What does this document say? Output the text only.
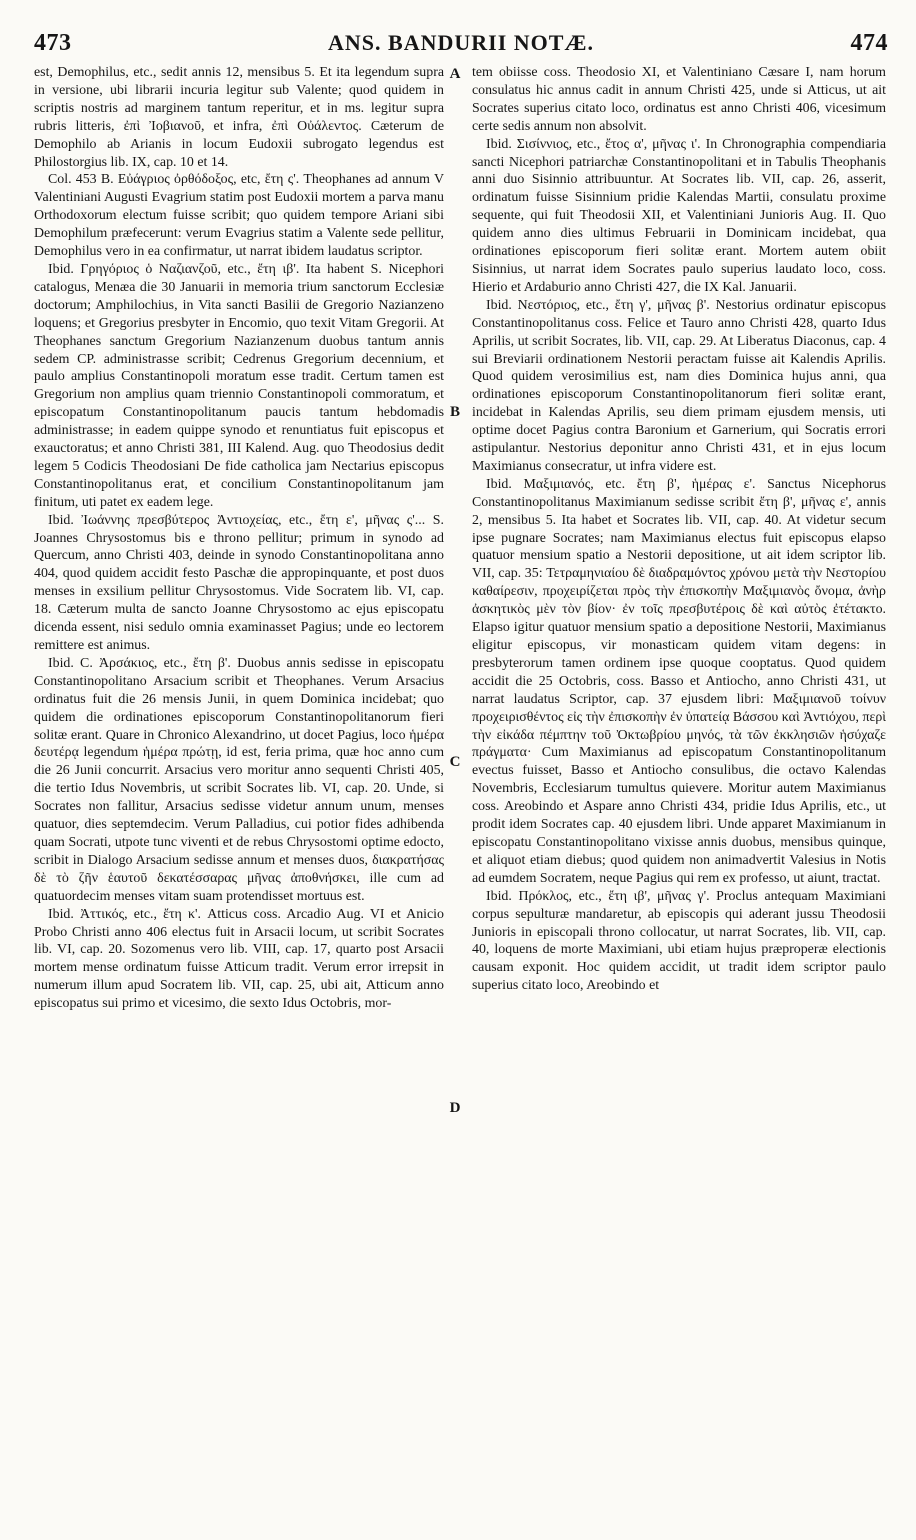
473	ANS. BANDURII NOTÆ.	474

est, Demophilus, etc., sedit annis 12, mensibus 5. Et ita legendum supra in versione, ubi librarii incuria legitur sub Valente; quod quidem in scriptis nostris ad marginem tantum reperitur, et in ms. legitur supra rubris litteris, ἐπὶ Ἰοβιανοῦ, et infra, ἐπὶ Οὐάλεντος. Cæterum de Demophilo ab Arianis in locum Eudoxii subrogato legendus est Philostorgius lib. IX, cap. 10 et 14.

Col. 453 B. Εὐάγριος ὀρθόδοξος, etc, ἔτη ς'. Theophanes ad annum V Valentiniani Augusti Evagrium statim post Eudoxii mortem a parva manu Orthodoxorum electum fuisse scribit; quo quidem tempore Ariani sibi Demophilum præfecerunt: verum Evagrius statim a Valente sede pellitur, Demophilus vero in ea confirmatur, ut narrat ibidem laudatus scriptor.

Ibid. Γρηγόριος ὁ Ναζιανζοῦ, etc., ἔτη ιβ'. Ita habent S. Nicephori catalogus, Menæa die 30 Januarii in memoria trium sanctorum Ecclesiæ doctorum; Amphilochius, in Vita sancti Basilii de Gregorio Nazianzeno loquens; et Gregorius presbyter in Encomio, quo texit Vitam Gregorii. At Theophanes sanctum Gregorium Nazianzenum duobus tantum annis sedem CP. administrasse scribit; Cedrenus Gregorium decennium, et paulo amplius Constantinopoli moratum esse tradit. Certum tamen est Gregorium non amplius quam triennio Constantinopoli commoratum, et episcopatum Constantinopolitanum paucis tantum hebdomadis administrasse; in eadem quippe synodo et renuntiatus fuit episcopus et exauctoratus; et anno Christi 381, III Kalend. Aug. quo Theodosius dedit legem 5 Codicis Theodosiani De fide catholica jam Nectarius episcopus Constantinopolitanus erat, et concilium Constantinopolitanum jam finitum, uti patet ex eadem lege.

Ibid. Ἰωάννης πρεσβύτερος Ἀντιοχείας, etc., ἔτη ε', μῆνας ς'... S. Joannes Chrysostomus bis e throno pellitur; primum in synodo ad Quercum, anno Christi 403, deinde in synodo Constantinopolitana anno 404, quod quidem accidit festo Paschæ die appropinquante, et post duos menses in exsilium pellitur Chrysostomus. Vide Socratem lib. VI, cap. 18. Cæterum multa de sancto Joanne Chrysostomo ac ejus episcopatu dicenda essent, nisi sedulo omnia examinasset Pagius; unde eo lectorem remittere est animus.

Ibid. C. Ἀρσάκιος, etc., ἔτη β'. Duobus annis sedisse in episcopatu Constantinopolitano Arsacium scribit et Theophanes. Verum Arsacius ordinatus fuit die 26 mensis Junii, in quem Dominica incidebat; quo quidem die ordinationes episcoporum Constantinopolitanorum fieri solitæ erant. Quare in Chronico Alexandrino, ut docet Pagius, loco ἡμέρα δευτέρᾳ legendum ἡμέρα πρώτῃ, id est, feria prima, quæ hoc anno cum die 26 Junii concurrit. Arsacius vero moritur anno sequenti Christi 405, die tertio Idus Novembris, ut scribit Socrates lib. VI, cap. 20. Unde, si Socrates non fallitur, Arsacius sedisse videtur annum unum, menses quatuor, dies septemdecim. Verum Palladius, cui potior fides adhibenda quam Socrati, utpote tunc viventi et de rebus Chrysostomi optime edocto, scribit in Dialogo Arsacium sedisse annum et menses duos, διακρατήσας δὲ τὸ ζῆν ἑαυτοῦ δεκατέσσαρας μῆνας ἀποθνήσκει, ille cum ad quatuordecim menses vitam suam protendisset mortuus est.

Ibid. Ἀττικός, etc., ἔτη κ'. Atticus coss. Arcadio Aug. VI et Anicio Probo Christi anno 406 electus fuit in Arsacii locum, ut scribit Socrates lib. VI, cap. 20. Sozomenus vero lib. VIII, cap. 17, quarto post Arsacii mortem mense ordinatum fuisse Atticum tradit. Verum error irrepsit in numerum illum apud Socratem lib. VII, cap. 25, ubi ait, Atticum anno episcopatus sui primo et vicesimo, die sexto Idus Octobris, mor-

A
B
C
D

tem obiisse coss. Theodosio XI, et Valentiniano Cæsare I, nam horum consulatus hic annus cadit in annum Christi 425, unde si Atticus, ut ait Socrates superius citato loco, ordinatus est anno Christi 406, vicesimum certe sedis annum non absolvit.

Ibid. Σισίννιος, etc., ἔτος α', μῆνας ι'. In Chronographia compendiaria sancti Nicephori patriarchæ Constantinopolitani et in Tabulis Theophanis anni duo Sisinnio attribuuntur. At Socrates lib. VII, cap. 26, asserit, ordinatum fuisse Sisinnium pridie Kalendas Martii, consulatu proxime sequente, qui fuit Theodosii XII, et Valentiniani Junioris Aug. II. Quo quidem anno dies ultimus Februarii in Dominicam incidebat, qua ordinationes episcoporum fieri solitæ erant. Mortem autem obiit Sisinnius, ut narrat idem Socrates paulo superius laudato loco, coss. Hierio et Ardaburio anno Christi 427, die IX Kal. Januarii.

Ibid. Νεστόριος, etc., ἔτη γ', μῆνας β'. Nestorius ordinatur episcopus Constantinopolitanus coss. Felice et Tauro anno Christi 428, quarto Idus Aprilis, ut scribit Socrates, lib. VII, cap. 29. At Liberatus Diaconus, cap. 4 sui Breviarii ordinationem Nestorii peractam fuisse ait Kalendis Aprilis. Quod quidem verosimilius est, nam dies Dominica hujus anni, qua ordinationes episcoporum Constantinopolitanorum fieri solitæ erant, incidebat in Kalendas Aprilis, seu diem primam ejusdem mensis, uti optime docet Pagius contra Baronium et Garnerium, qui Socratis errori astipulantur. Nestorius deponitur anno Christi 431, et in ejus locum Maximianus consecratur, ut infra videre est.

Ibid. Μαξιμιανός, etc. ἔτη β', ἡμέρας ε'. Sanctus Nicephorus Constantinopolitanus Maximianum sedisse scribit ἔτη β', μῆνας ε', annis 2, mensibus 5. Ita habet et Socrates lib. VII, cap. 40. At videtur secum ipse pugnare Socrates; nam Maximianus electus fuit episcopus elapso quatuor mensium spatio a Nestorii depositione, ut ait idem scriptor lib. VII, cap. 35: Τετραμηνιαίου δὲ διαδραμόντος χρόνου μετὰ τὴν Νεστορίου καθαίρεσιν, προχειρίζεται πρὸς τὴν ἐπισκοπὴν Μαξιμιανὸς ὄνομα, ἀνὴρ ἀσκητικὸς μὲν τὸν βίον· ἐν τοῖς πρεσβυτέροις δὲ καὶ αὐτὸς ἐτέτακτο. Elapso igitur quatuor mensium spatio a depositione Nestorii, Maximianus eligitur episcopus, vir monasticam quidem vitam degens: in presbyterorum tamen ordinem ipse quoque cooptatus. Quod quidem accidit die 25 Octobris, coss. Basso et Antiocho, anno Christi 431, ut narrat laudatus Scriptor, cap. 37 ejusdem libri: Μαξιμιανοῦ τοίνυν προχειρισθέντος εἰς τὴν ἐπισκοπὴν ἐν ὑπατείᾳ Βάσσου καὶ Ἀντιόχου, περὶ τὴν εἰκάδα πέμπτην τοῦ Ὀκτωβρίου μηνός, τὰ τῶν ἐκκλησιῶν ἡσύχαζε πράγματα· Cum Maximianus ad episcopatum Constantinopolitanum evectus fuisset, Basso et Antiocho consulibus, die octavo Kalendas Novembris, Ecclesiarum tumultus quievere. Moritur autem Maximianus coss. Areobindo et Aspare anno Christi 434, pridie Idus Aprilis, etc., ut prodit idem Socrates cap. 40 ejusdem libri. Unde apparet Maximianum in episcopatu Constantinopolitano vixisse annis duobus, mensibus quinque, et aliquot etiam diebus; quod quidem non animadvertit Valesius in Notis ad eumdem Socratem, neque Pagius qui rem ex professo, ut aiunt, tractat.

Ibid. Πρόκλος, etc., ἔτη ιβ', μῆνας γ'. Proclus antequam Maximiani corpus sepulturæ mandaretur, ab episcopis qui aderant jussu Theodosii Junioris in episcopali throno collocatur, ut narrat Socrates, lib. VII, cap. 40, loquens de morte Maximiani, ubi etiam hujus præproperæ electionis causam exponit. Hoc quidem accidit, ut tradit idem scriptor paulo superius citato loco, Areobindo et
